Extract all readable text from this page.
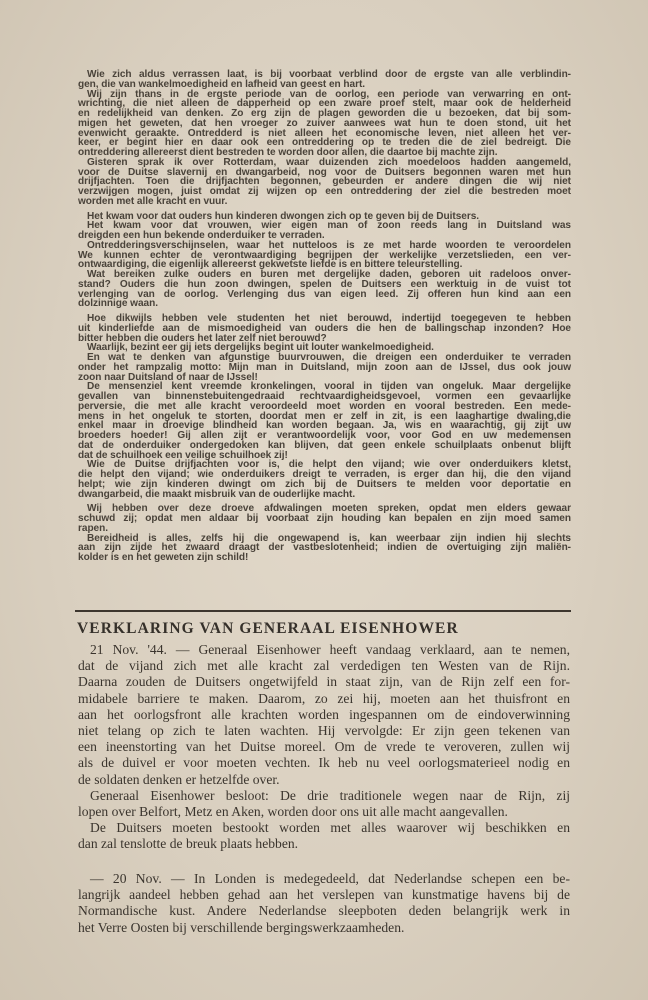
Wie zich aldus verrassen laat, is bij voorbaat verblind door de ergste van alle verblindin-
gen, die van wankelmoedigheid en lafheid van geest en hart.
Wij zijn thans in de ergste periode van de oorlog, een periode van verwarring en ont-
wrichting, die niet alleen de dapperheid op een zware proef stelt, maar ook de helderheid
en redelijkheid van denken. Zo erg zijn de plagen geworden die u bezoeken, dat bij som-
migen het geweten, dat hen vroeger zo zuiver aanwees wat hun te doen stond, uit het
evenwicht geraakte. Ontredderd is niet alleen het economische leven, niet alleen het ver-
keer, er begint hier en daar ook een ontreddering op te treden die de ziel bedreigt. Die
ontreddering allereerst dient bestreden te worden door allen, die daartoe bij machte zijn.
Gisteren sprak ik over Rotterdam, waar duizenden zich moedeloos hadden aangemeld,
voor de Duitse slavernij en dwangarbeid, nog voor de Duitsers begonnen waren met hun
drijfjachten. Toen die drijfjachten begonnen, gebeurden er andere dingen die wij niet
verzwijgen mogen, juist omdat zij wijzen op een ontreddering der ziel die bestreden moet
worden met alle kracht en vuur.
Het kwam voor dat ouders hun kinderen dwongen zich op te geven bij de Duitsers.
Het kwam voor dat vrouwen, wier eigen man of zoon reeds lang in Duitsland was
dreigden een hun bekende onderduiker te verraden.
Ontredderingsverschijnselen, waar het nutteloos is ze met harde woorden te veroordelen
We kunnen echter de verontwaardiging begrijpen der werkelijke verzetslieden, een ver-
ontwaardiging, die eigenlijk allereerst gekwetste liefde is en bittere teleurstelling.
Wat bereiken zulke ouders en buren met dergelijke daden, geboren uit radeloos onver-
stand? Ouders die hun zoon dwingen, spelen de Duitsers een werktuig in de vuist tot
verlenging van de oorlog. Verlenging dus van eigen leed. Zij offeren hun kind aan een
dolzinnige waan.
Hoe dikwijls hebben vele studenten het niet berouwd, indertijd toegegeven te hebben
uit kinderliefde aan de mismoedigheid van ouders die hen de ballingschap inzonden? Hoe
bitter hebben die ouders het later zelf niet berouwd?
Waarlijk, bezint eer gij iets dergelijks begint uit louter wankelmoedigheid.
En wat te denken van afgunstige buurvrouwen, die dreigen een onderduiker te verraden
onder het rampzalig motto: Mijn man in Duitsland, mijn zoon aan de IJssel, dus ook jouw
zoon naar Duitsland of naar de IJssel!
De mensenziel kent vreemde kronkelingen, vooral in tijden van ongeluk. Maar dergelijke
gevallen van binnenstebuitengedraaid rechtvaardigheidsgevoel, vormen een gevaarlijke
perversie, die met alle kracht veroordeeld moet worden en vooral bestreden. Een mede-
mens in het ongeluk te storten, doordat men er zelf in zit, is een laaghartige dwaling,die
enkel maar in droevige blindheid kan worden begaan. Ja, wis en waarachtig, gij zijt uw
broeders hoeder! Gij allen zijt er verantwoordelijk voor, voor God en uw medemensen
dat de onderduiker ondergedoken kan blijven, dat geen enkele schuilplaats onbenut blijft
dat de schuilhoek een veilige schuilhoek zij!
Wie de Duitse drijfjachten voor is, die helpt den vijand; wie over onderduikers kletst,
die helpt den vijand; wie onderduikers dreigt te verraden, is erger dan hij, die den vijand
helpt; wie zijn kinderen dwingt om zich bij de Duitsers te melden voor deportatie en
dwangarbeid, die maakt misbruik van de ouderlijke macht.
Wij hebben over deze droeve afdwalingen moeten spreken, opdat men elders gewaar
schuwd zij; opdat men aldaar bij voorbaat zijn houding kan bepalen en zijn moed samen
rapen.
Bereidheid is alles, zelfs hij die ongewapend is, kan weerbaar zijn indien hij slechts
aan zijn zijde het zwaard draagt der vastbeslotenheid; indien de overtuiging zijn maliën-
kolder is en het geweten zijn schild!
VERKLARING VAN GENERAAL EISENHOWER
21 Nov. '44. — Generaal Eisenhower heeft vandaag verklaard, aan te nemen,
dat de vijand zich met alle kracht zal verdedigen ten Westen van de Rijn.
Daarna zouden de Duitsers ongetwijfeld in staat zijn, van de Rijn zelf een for-
midabele barriere te maken. Daarom, zo zei hij, moeten aan het thuisfront en
aan het oorlogsfront alle krachten worden ingespannen om de eindoverwinning
niet telang op zich te laten wachten. Hij vervolgde: Er zijn geen tekenen van
een ineenstorting van het Duitse moreel. Om de vrede te veroveren, zullen wij
als de duivel er voor moeten vechten. Ik heb nu veel oorlogsmaterieel nodig en
de soldaten denken er hetzelfde over.
Generaal Eisenhower besloot: De drie traditionele wegen naar de Rijn, zij
lopen over Belfort, Metz en Aken, worden door ons uit alle macht aangevallen.
De Duitsers moeten bestookt worden met alles waarover wij beschikken en
dan zal tenslotte de breuk plaats hebben.
— 20 Nov. — In Londen is medegedeeld, dat Nederlandse schepen een be-
langrijk aandeel hebben gehad aan het verslepen van kunstmatige havens bij de
Normandische kust. Andere Nederlandse sleepboten deden belangrijk werk in
het Verre Oosten bij verschillende bergingswerkzaamheden.
